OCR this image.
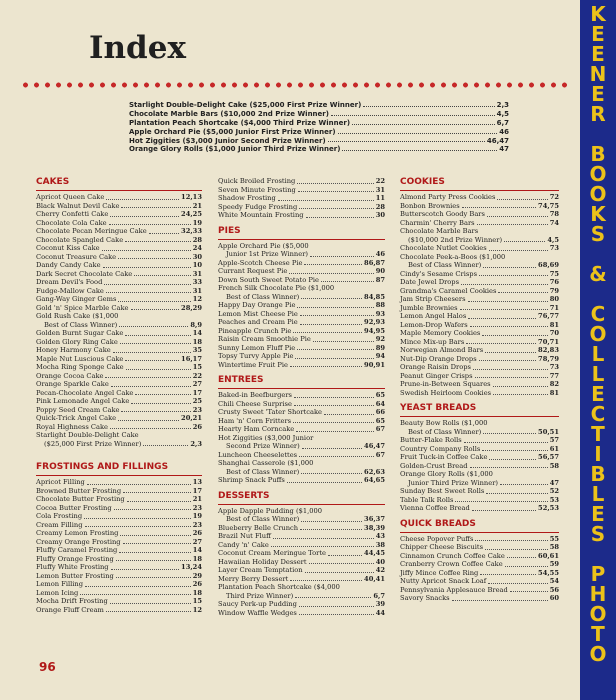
Index
Starlight Double-Delight Cake ($25,000 First Prize Winner)	2,3
Chocolate Marble Bars ($10,000 2nd Prize Winner)	4,5
Plantation Peach Shortcake ($4,000 Third Prize Winner)	6,7
Apple Orchard Pie ($5,000 Junior First Prize Winner)	46
Hot Ziggities ($3,000 Junior Second Prize Winner)	46,47
Orange Glory Rolls ($1,000 Junior Third Prize Winner)	47
CAKES
Apricot Queen Cake	12,13
Black Walnut Devil Cake	21
Cherry Confetti Cake	24,25
Chocolate Cola Cake	19
Chocolate Pecan Meringue Cake	32,33
Chocolate Spangled Cake	28
Coconut Kiss Cake	24
Coconut Treasure Cake	30
Dandy Candy Cake	10
Dark Secret Chocolate Cake	31
Dream Devil's Food	33
Fudge-Mallow Cake	31
Gang-Way Ginger Gems	12
Gold 'n' Spice Marble Cake	28,29
Gold Rush Cake ($1,000
Best of Class Winner)	8,9
Golden Burnt Sugar Cake	14
Golden Glory Ring Cake	18
Honey Harmony Cake	35
Maple Nut Luscious Cake	16,17
Mocha Ring Sponge Cake	15
Orange Cocoa Cake	22
Orange Sparkle Cake	27
Pecan-Chocolate Angel Cake	17
Pink Lemonade Angel Cake	25
Poppy Seed Cream Cake	23
Quick-Trick Angel Cake	20,21
Royal Highness Cake	26
Starlight Double-Delight Cake
($25,000 First Prize Winner)	2,3
FROSTINGS AND FILLINGS
Apricot Filling	13
Browned Butter Frosting	17
Chocolate Butter Frosting	21
Cocoa Butter Frosting	23
Cola Frosting	19
Cream Filling	23
Creamy Lemon Frosting	26
Creamy Orange Frosting	27
Fluffy Caramel Frosting	14
Fluffy Orange Frosting	18
Fluffy White Frosting	13,24
Lemon Butter Frosting	29
Lemon Filling	26
Lemon Icing	18
Mocha Drift Frosting	15
Orange Fluff Cream	12
Quick Broiled Frosting	22
Seven Minute Frosting	31
Shadow Frosting	11
Speedy Fudge Frosting	28
White Mountain Frosting	30
PIES
Apple Orchard Pie ($5,000
Junior 1st Prize Winner)	46
Apple-Scotch Cheese Pie	86,87
Currant Request Pie	90
Down South Sweet Potato Pie	87
French Silk Chocolate Pie ($1,000
Best of Class Winner)	84,85
Happy Day Orange Pie	88
Lemon Mist Cheese Pie	93
Peaches and Cream Pie	92,93
Pineapple Crunch Pie	94,95
Raisin Cream Smoothie Pie	92
Sunny Lemon Fluff Pie	89
Topsy Turvy Apple Pie	94
Wintertime Fruit Pie	90,91
ENTREES
Baked-in Beefburgers	65
Chili Cheese Surprise	64
Crusty Sweet 'Tater Shortcake	66
Ham 'n' Corn Fritters	65
Hearty Ham Corncake	67
Hot Ziggities ($3,000 Junior
Second Prize Winner)	46,47
Luncheon Cheeselettes	67
Shanghai Casserole ($1,000
Best of Class Winner)	62,63
Shrimp Snack Puffs	64,65
DESSERTS
Apple Dapple Pudding ($1,000
Best of Class Winner)	36,37
Blueberry Belle Crunch	38,39
Brazil Nut Fluff	43
Candy 'n' Cake	38
Coconut Cream Meringue Torte	44,45
Hawaiian Holiday Dessert	40
Layer Cream Temptation	42
Merry Berry Dessert	40,41
Plantation Peach Shortcake ($4,000
Third Prize Winner)	6,7
Saucy Perk-up Pudding	39
Window Waffle Wedges	44
COOKIES
Almond Party Press Cookies	72
Bonbon Brownies	74,75
Butterscotch Goody Bars	78
Charmin' Cherry Bars	74
Chocolate Marble Bars
($10,000 2nd Prize Winner)	4,5
Chocolate Nutlet Cookies	73
Chocolate Peek-a-Boos ($1,000
Best of Class Winner)	68,69
Cindy's Sesame Crisps	75
Date Jewel Drops	76
Grandma's Caramel Cookies	79
Jam Strip Cheesers	80
Jumble Brownies	71
Lemon Angel Halos	76,77
Lemon-Drop Wafers	81
Maple Memory Cookies	70
Mince Mix-up Bars	70,71
Norwegian Almond Bars	82,83
Nut-Dip Orange Drops	78,79
Orange Raisin Drops	73
Peanut Ginger Crisps	77
Prune-in-Between Squares	82
Swedish Heirloom Cookies	81
YEAST BREADS
Beauty Bow Rolls ($1,000
Best of Class Winner)	50,51
Butter-Flake Rolls	57
Country Company Rolls	61
Fruit Tuck-in Coffee Cake	56,57
Golden-Crust Bread	58
Orange Glory Rolls ($1,000
Junior Third Prize Winner)	47
Sunday Best Sweet Rolls	52
Table Talk Rolls	53
Vienna Coffee Bread	52,53
QUICK BREADS
Cheese Popover Puffs	55
Chipper Cheese Biscuits	58
Cinnamon Crunch Coffee Cake	60,61
Cranberry Crown Coffee Cake	59
Jiffy Mince Coffee Ring	54,55
Nutty Apricot Snack Loaf	54
Pennsylvania Applesauce Bread	56
Savory Snacks	60
96
K
E
E
N
E
R

B
O
O
K
S

&

C
O
L
L
E
C
T
I
B
L
E
S

P
H
O
T
O
